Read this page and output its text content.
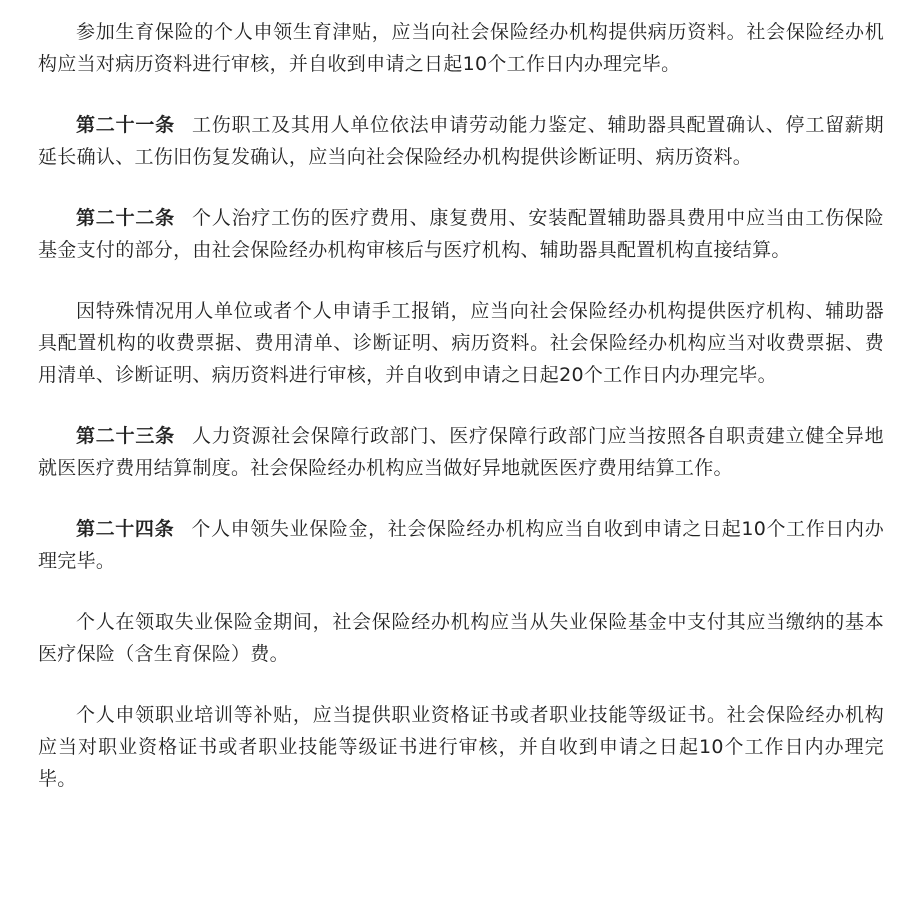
参加生育保险的个人申领生育津贴，应当向社会保险经办机构提供病历资料。社会保险经办机构应当对病历资料进行审核，并自收到申请之日起10个工作日内办理完毕。

第二十一条 工伤职工及其用人单位依法申请劳动能力鉴定、辅助器具配置确认、停工留薪期延长确认、工伤旧伤复发确认，应当向社会保险经办机构提供诊断证明、病历资料。

第二十二条 个人治疗工伤的医疗费用、康复费用、安装配置辅助器具费用中应当由工伤保险基金支付的部分，由社会保险经办机构审核后与医疗机构、辅助器具配置机构直接结算。

因特殊情况用人单位或者个人申请手工报销，应当向社会保险经办机构提供医疗机构、辅助器具配置机构的收费票据、费用清单、诊断证明、病历资料。社会保险经办机构应当对收费票据、费用清单、诊断证明、病历资料进行审核，并自收到申请之日起20个工作日内办理完毕。

第二十三条 人力资源社会保障行政部门、医疗保障行政部门应当按照各自职责建立健全异地就医医疗费用结算制度。社会保险经办机构应当做好异地就医医疗费用结算工作。

第二十四条 个人申领失业保险金，社会保险经办机构应当自收到申请之日起10个工作日内办理完毕。

个人在领取失业保险金期间，社会保险经办机构应当从失业保险基金中支付其应当缴纳的基本医疗保险（含生育保险）费。

个人申领职业培训等补贴，应当提供职业资格证书或者职业技能等级证书。社会保险经办机构应当对职业资格证书或者职业技能等级证书进行审核，并自收到申请之日起10个工作日内办理完毕。
